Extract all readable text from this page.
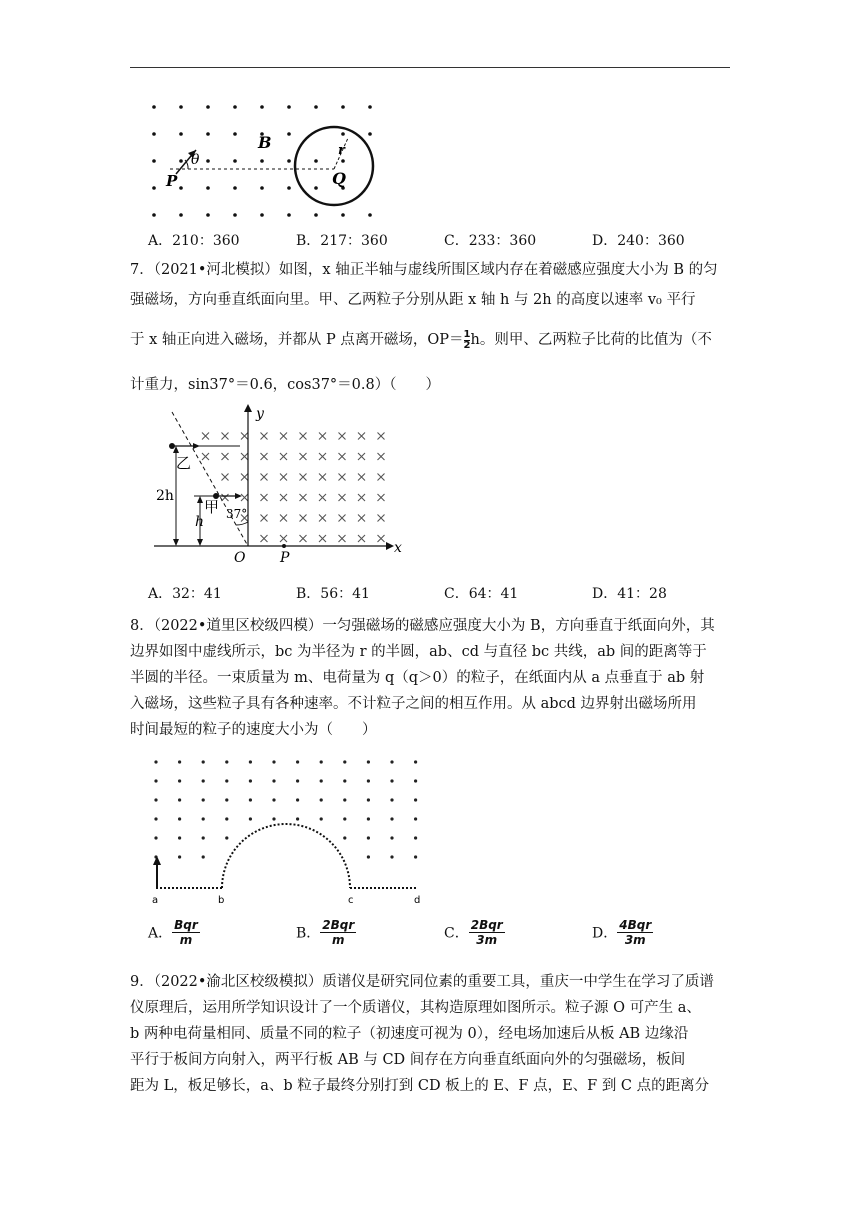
B
P
θ
Q
r
A．210：360	B．217：360	C．233：360	D．240：360
7．（2021•河北模拟）如图，x 轴正半轴与虚线所围区域内存在着磁感应强度大小为 B 的匀
强磁场，方向垂直纸面向里。甲、乙两粒子分别从距 x 轴 h 与 2h 的高度以速率 v₀ 平行
于 x 轴正向进入磁场，并都从 P 点离开磁场，$OP= \frac{1}{2}h$。则甲、乙两粒子比荷的比值为（不
计重力，sin37°＝0.6，cos37°＝0.8）（　　）
y
x
O P
2h
h
乙
甲 37°
A．32：41	B．56：41	C．64：41	D．41：28
8．（2022•道里区校级四模）一匀强磁场的磁感应强度大小为 B，方向垂直于纸面向外，其
边界如图中虚线所示，bc 为半径为 r 的半圆，ab、cd 与直径 bc 共线，ab 间的距离等于
半圆的半径。一束质量为 m、电荷量为 q（q＞0）的粒子，在纸面内从 a 点垂直于 ab 射
入磁场，这些粒子具有各种速率。不计粒子之间的相互作用。从 abcd 边界射出磁场所用
时间最短的粒子的速度大小为（　　）
a	b	c	d
A． $\frac{\text{Bqr}}{m}$	B． $\frac{\text{2Bqr}}{m}$	C． $\frac{\text{2Bqr}}{3m}$	D． $\frac{\text{4Bqr}}{3m}$
9．（2022•渝北区校级模拟）质谱仪是研究同位素的重要工具，重庆一中学生在学习了质谱
仪原理后，运用所学知识设计了一个质谱仪，其构造原理如图所示。粒子源 O 可产生 a、
b 两种电荷量相同、质量不同的粒子（初速度可视为 0），经电场加速后从板 AB 边缘沿
平行于板间方向射入，两平行板 AB 与 CD 间存在方向垂直纸面向外的匀强磁场，板间
距为 L，板足够长，a、b 粒子最终分别打到 CD 板上的 E、F 点，E、F 到 C 点的距离分
